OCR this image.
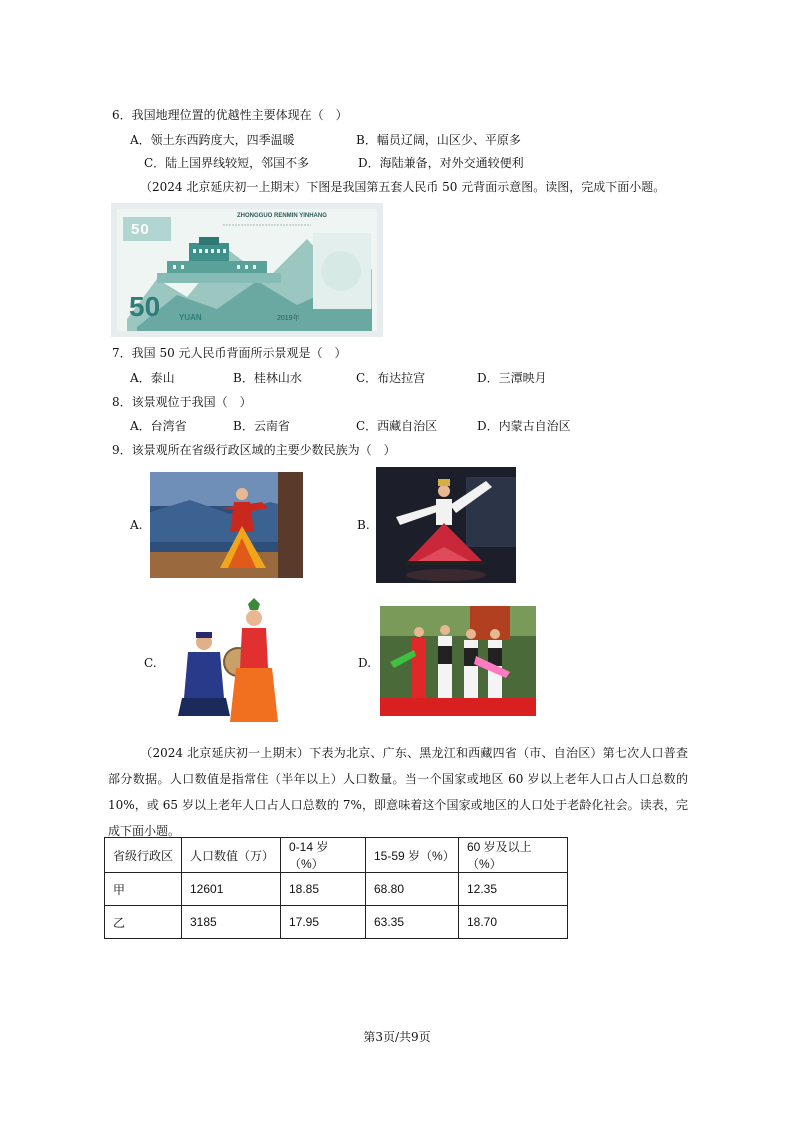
6．我国地理位置的优越性主要体现在（　）
A．领土东西跨度大，四季温暖	B．幅员辽阔，山区少、平原多
C．陆上国界线较短，邻国不多	D．海陆兼备，对外交通较便利
（2024 北京延庆初一上期末）下图是我国第五套人民币 50 元背面示意图。读图，完成下面小题。
50
ZHONGGUO RENMIN YINHANG
50 YUAN	2019年
7．我国 50 元人民币背面所示景观是（　）
A．泰山	B．桂林山水	C．布达拉宫	D．三潭映月
8．该景观位于我国（　）
A．台湾省	B．云南省	C．西藏自治区	D．内蒙古自治区
9．该景观所在省级行政区域的主要少数民族为（　）
A.	B.
C.	D.
（2024 北京延庆初一上期末）下表为北京、广东、黑龙江和西藏四省（市、自治区）第七次人口普查部分数据。人口数值是指常住（半年以上）人口数量。当一个国家或地区 60 岁以上老年人口占人口总数的 10%，或 65 岁以上老年人口占人口总数的 7%，即意味着这个国家或地区的人口处于老龄化社会。读表，完成下面小题。
省级行政区	人口数值（万）	0-14 岁（%）	15-59 岁（%）	60 岁及以上（%）
甲	12601	18.85	68.80	12.35
乙	3185	17.95	63.35	18.70
第3页/共9页
